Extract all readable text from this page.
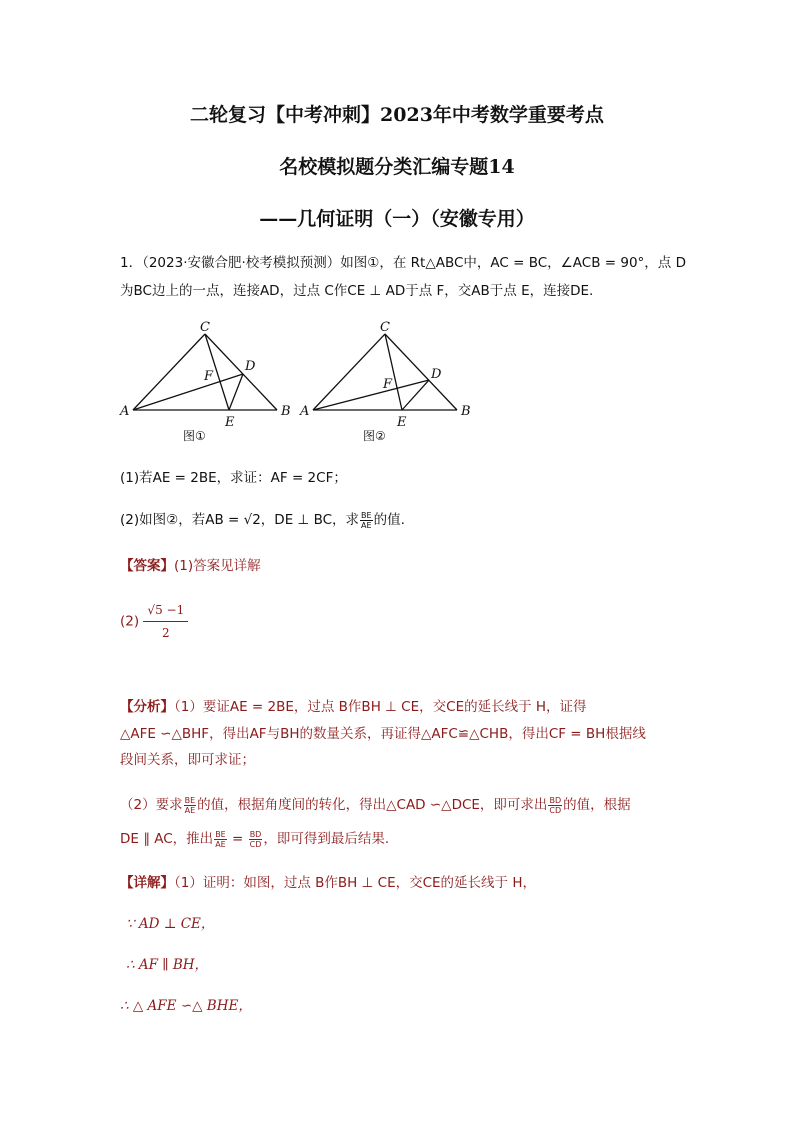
二轮复习【中考冲刺】2023年中考数学重要考点
名校模拟题分类汇编专题14
——几何证明（一）（安徽专用）
1．（2023·安徽合肥·校考模拟预测）如图①，在 Rt△ABC中，AC = BC，∠ACB = 90°，点 D
为BC边上的一点，连接AD，过点 C作CE ⊥ AD于点 F，交AB于点 E，连接DE.
C
D
F
A
E
B
图①
C
D
F
A
E
B
图②
(1)若AE = 2BE，求证：AF = 2CF；
(2)如图②，若AB = √2，DE ⊥ BC，求 $\frac{BE}{AE}$ 的值.
【答案】(1)答案见详解
$(2) \frac{√5 -1}{2}$
【分析】（1）要证AE = 2BE，过点 B作BH ⊥ CE，交CE的延长线于 H，证得
△AFE ∽△BHF，得出AF与BH的数量关系，再证得△AFC≌△CHB，得出CF = BH根据线
段间关系，即可求证；
（2）要求 $\frac{BE}{AE}$ 的值，根据角度间的转化，得出△CAD ∽△DCE，即可求出 $\frac{BD}{CD}$ 的值，根据
DE ∥ AC，推出 $\frac{BE}{AE} = \frac{BD}{CD}$ ，即可得到最后结果.
【详解】（1）证明：如图，过点 B作BH ⊥ CE，交CE的延长线于 H，
∵ AD ⊥ CE，
∴ AF ∥ BH，
∴ △ AFE ∽△ BHE，
